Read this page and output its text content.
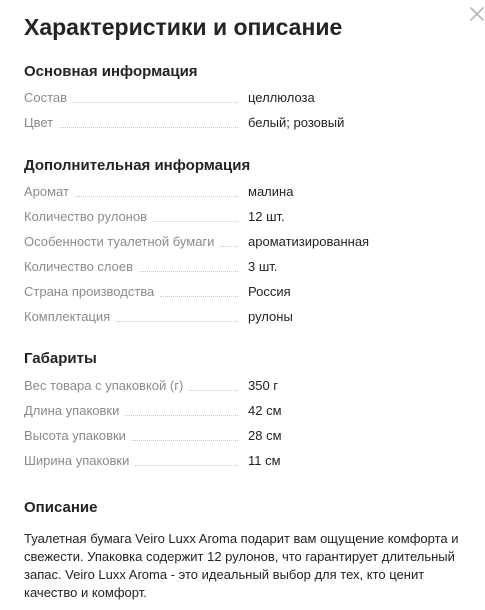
Характеристики и описание
Основная информация
Состав	целлюлоза
Цвет	белый; розовый
Дополнительная информация
Аромат	малина
Количество рулонов	12 шт.
Особенности туалетной бумаги	ароматизированная
Количество слоев	3 шт.
Страна производства	Россия
Комплектация	рулоны
Габариты
Вес товара с упаковкой (г)	350 г
Длина упаковки	42 см
Высота упаковки	28 см
Ширина упаковки	11 см
Описание

Туалетная бумага Veiro Luxx Aroma подарит вам ощущение комфорта и свежести. Упаковка содержит 12 рулонов, что гарантирует длительный запас. Veiro Luxx Aroma - это идеальный выбор для тех, кто ценит качество и комфорт.
